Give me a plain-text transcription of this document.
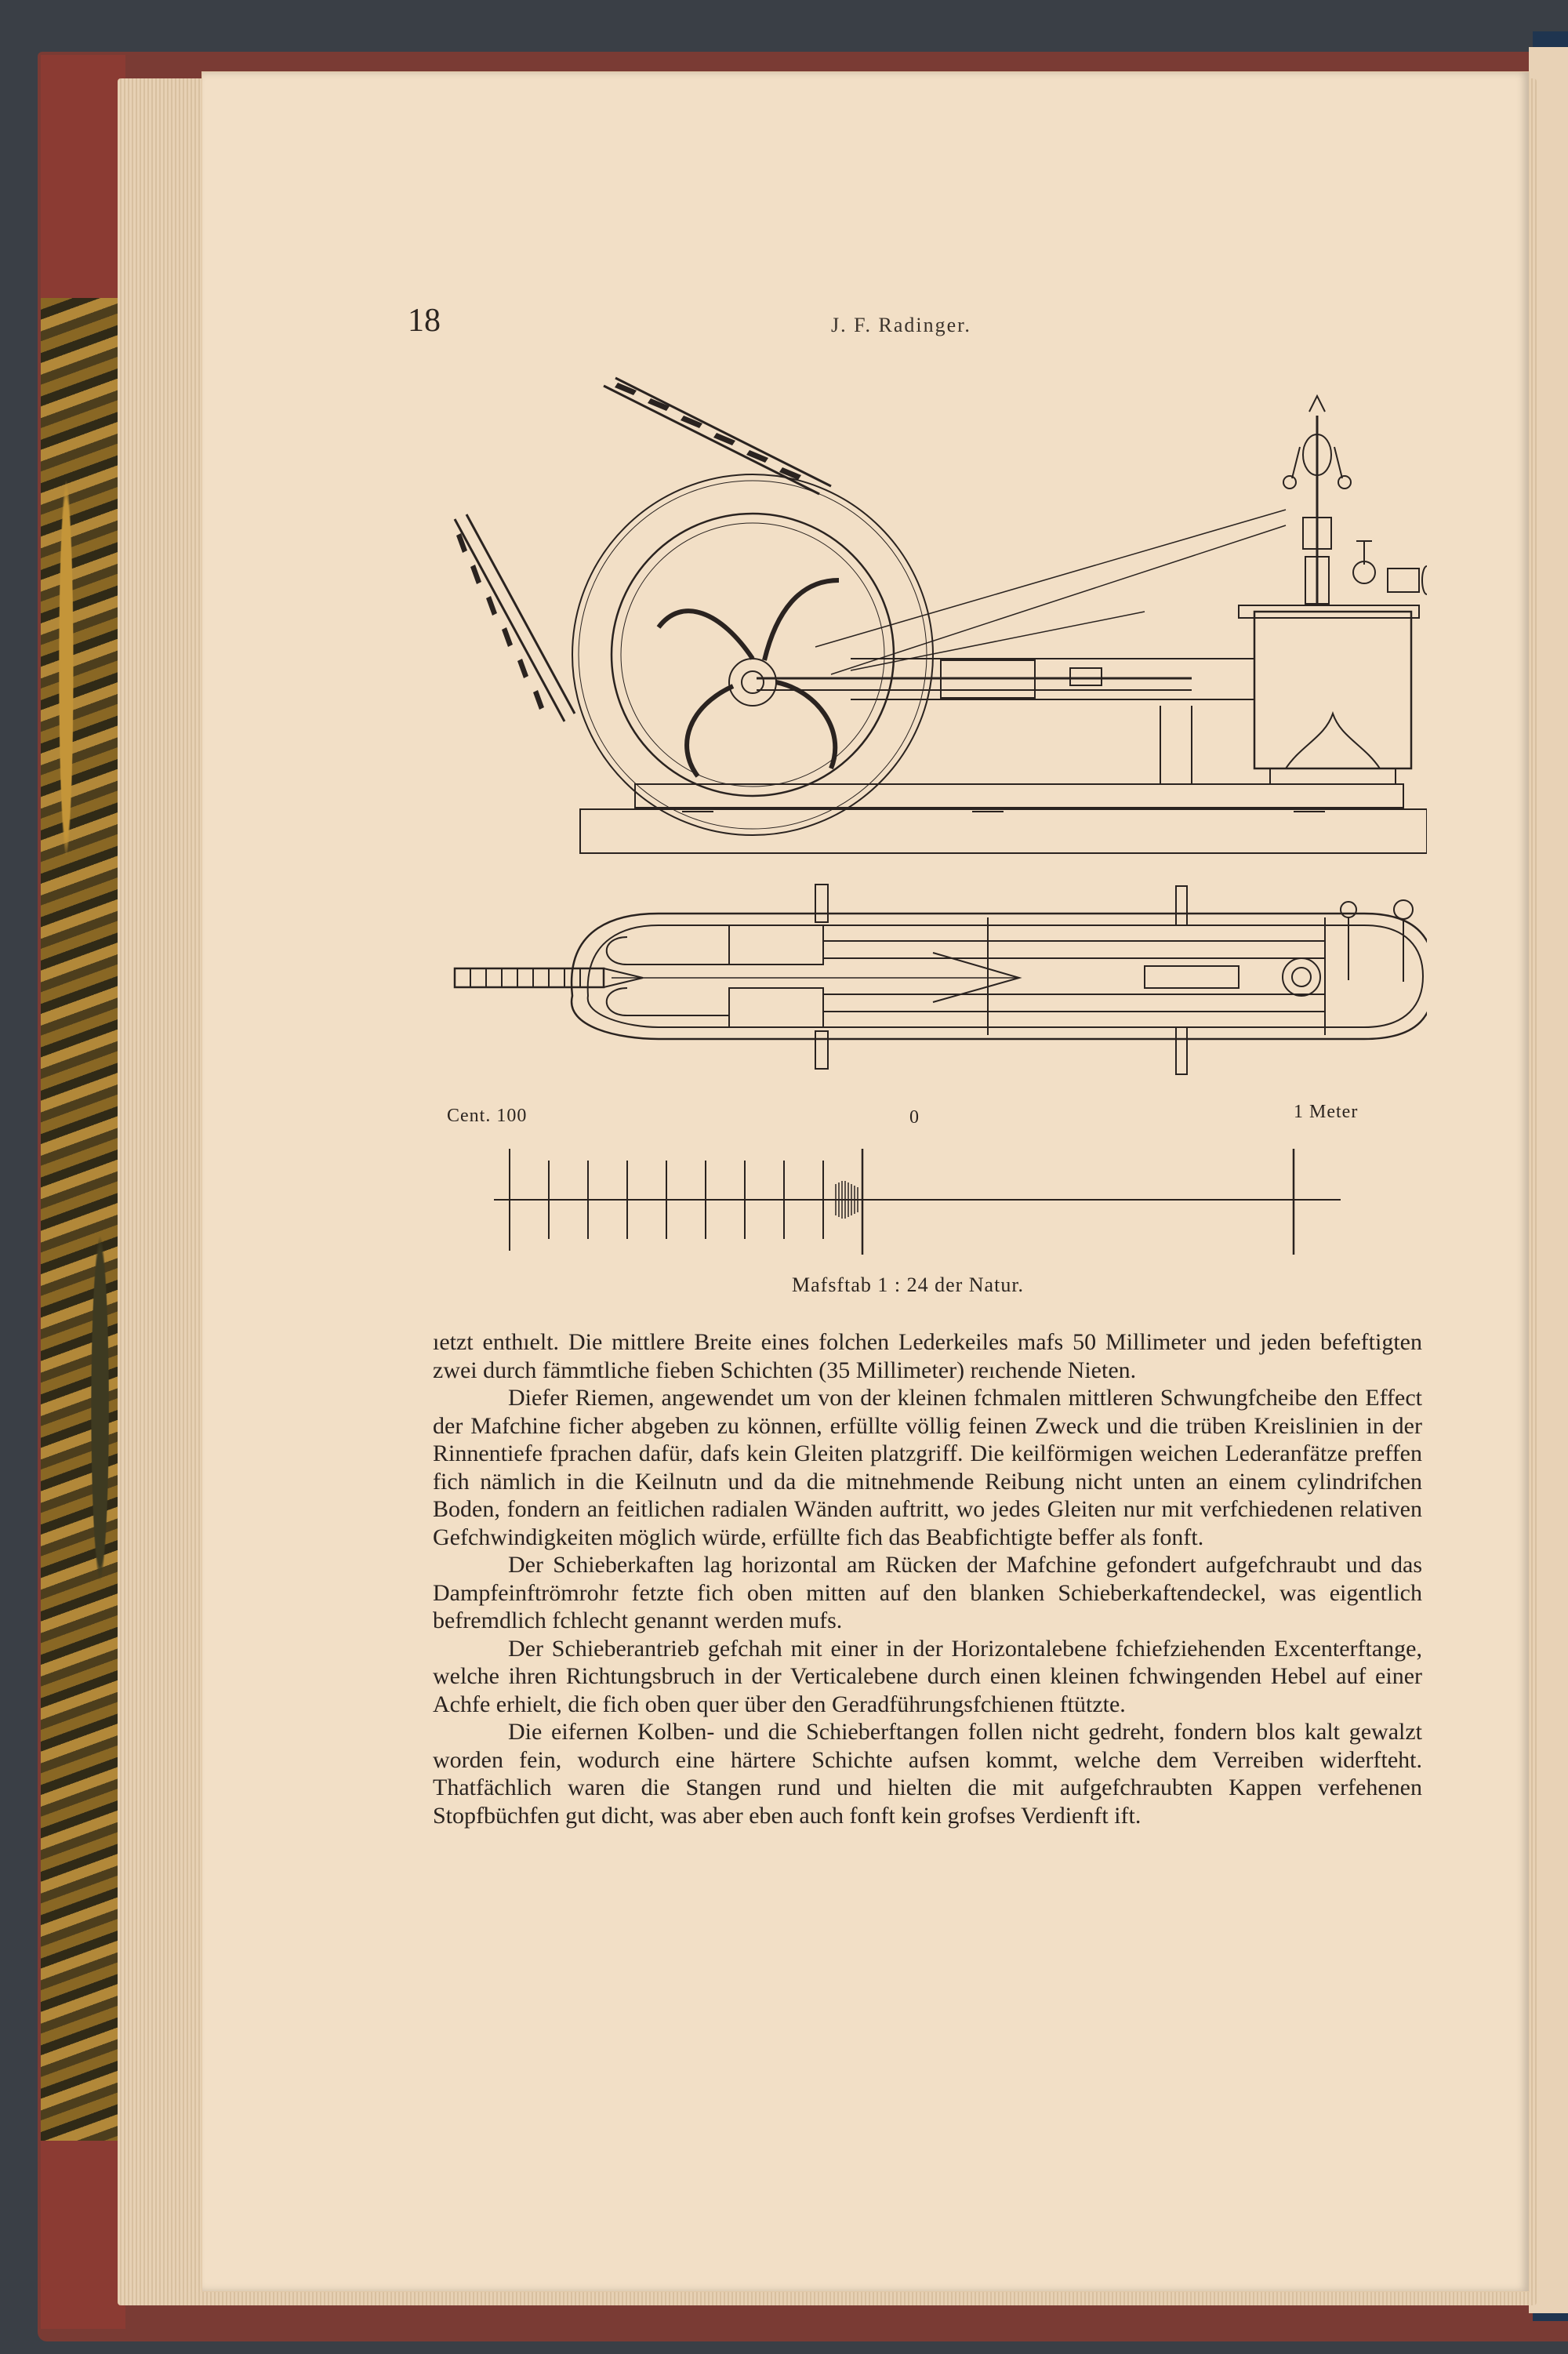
18	J. F. Radinger.
Cent. 100	0	1 Meter
Mafsftab 1 : 24 der Natur.

ıetzt enthıelt. Die mittlere Breite eines folchen Lederkeiles mafs 50 Millimeter und jeden befeftigten zwei durch fämmtliche fieben Schichten (35 Millimeter) reıchende Nieten.

Diefer Riemen, angewendet um von der kleinen fchmalen mittleren Schwungfcheibe den Effect der Mafchine ficher abgeben zu können, erfüllte völlig feinen Zweck und die trüben Kreislinien in der Rinnentiefe fprachen dafür, dafs kein Gleiten platzgriff. Die keilförmigen weichen Lederanfätze preffen fich nämlich in die Keilnutn und da die mitnehmende Reibung nicht unten an einem cylindrifchen Boden, fondern an feitlichen radialen Wänden auftritt, wo jedes Gleiten nur mit verfchiedenen relativen Gefchwindigkeiten möglich würde, erfüllte fich das Beabfichtigte beffer als fonft.

Der Schieberkaften lag horizontal am Rücken der Mafchine gefondert aufgefchraubt und das Dampfeinftrömrohr fetzte fich oben mitten auf den blanken Schieberkaftendeckel, was eigentlich befremdlich fchlecht genannt werden mufs.

Der Schieberantrieb gefchah mit einer in der Horizontalebene fchiefziehenden Excenterftange, welche ihren Richtungsbruch in der Verticalebene durch einen kleinen fchwingenden Hebel auf einer Achfe erhielt, die fich oben quer über den Geradführungsfchienen ftützte.

Die eifernen Kolben- und die Schieberftangen follen nicht gedreht, fondern blos kalt gewalzt worden fein, wodurch eine härtere Schichte aufsen kommt, welche dem Verreiben widerfteht. Thatfächlich waren die Stangen rund und hielten die mit aufgefchraubten Kappen verfehenen Stopfbüchfen gut dicht, was aber eben auch fonft kein grofses Verdienft ift.
